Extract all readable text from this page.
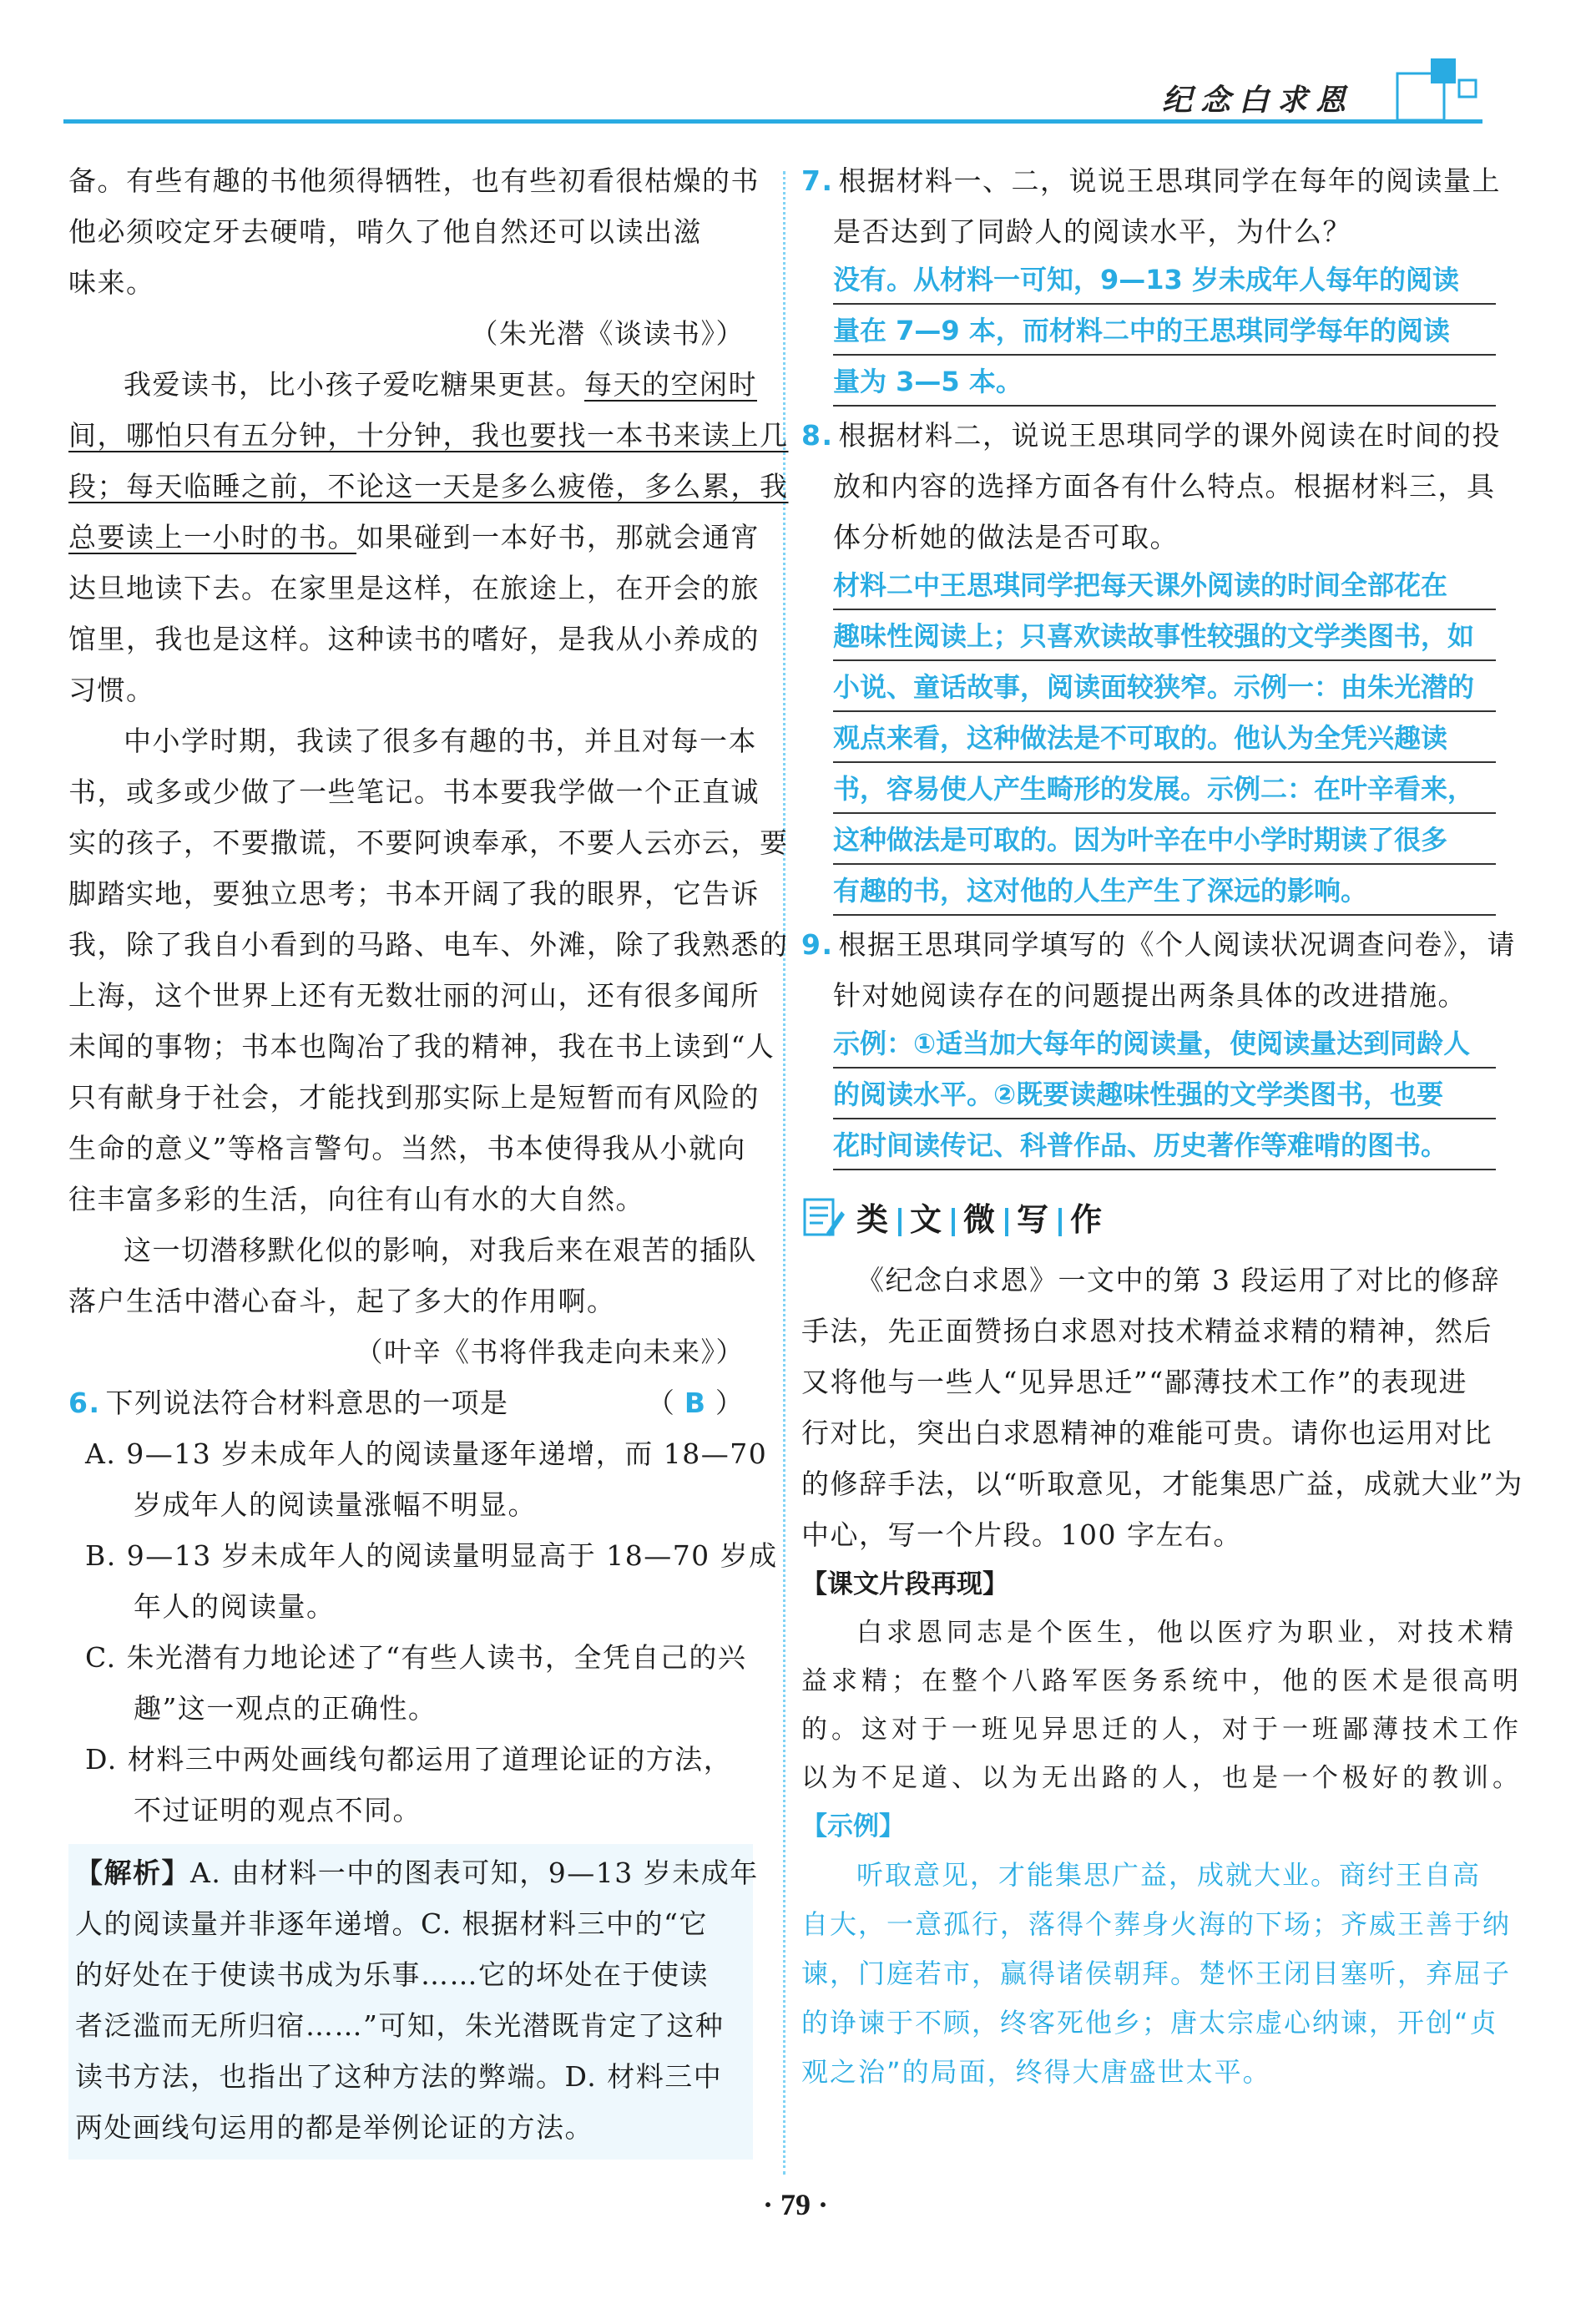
纪念白求恩
备。有些有趣的书他须得牺牲，也有些初看很枯燥的书
他必须咬定牙去硬啃，啃久了他自然还可以读出滋
味来。
（朱光潜《谈读书》）
我爱读书，比小孩子爱吃糖果更甚。每天的空闲时
间，哪怕只有五分钟，十分钟，我也要找一本书来读上几
段；每天临睡之前，不论这一天是多么疲倦，多么累，我
总要读上一小时的书。如果碰到一本好书，那就会通宵
达旦地读下去。在家里是这样，在旅途上，在开会的旅
馆里，我也是这样。这种读书的嗜好，是我从小养成的
习惯。
中小学时期，我读了很多有趣的书，并且对每一本
书，或多或少做了一些笔记。书本要我学做一个正直诚
实的孩子，不要撒谎，不要阿谀奉承，不要人云亦云，要
脚踏实地，要独立思考；书本开阔了我的眼界，它告诉
我，除了我自小看到的马路、电车、外滩，除了我熟悉的
上海，这个世界上还有无数壮丽的河山，还有很多闻所
未闻的事物；书本也陶冶了我的精神，我在书上读到“人
只有献身于社会，才能找到那实际上是短暂而有风险的
生命的意义”等格言警句。当然，书本使得我从小就向
往丰富多彩的生活，向往有山有水的大自然。
这一切潜移默化似的影响，对我后来在艰苦的插队
落户生活中潜心奋斗，起了多大的作用啊。
（叶辛《书将伴我走向未来》）
6. 下列说法符合材料意思的一项是	（B）
A. 9—13 岁未成年人的阅读量逐年递增，而 18—70
岁成年人的阅读量涨幅不明显。
B. 9—13 岁未成年人的阅读量明显高于 18—70 岁成
年人的阅读量。
C. 朱光潜有力地论述了“有些人读书，全凭自己的兴
趣”这一观点的正确性。
D. 材料三中两处画线句都运用了道理论证的方法，
不过证明的观点不同。
【解析】A. 由材料一中的图表可知，9—13 岁未成年
人的阅读量并非逐年递增。C. 根据材料三中的“它
的好处在于使读书成为乐事……它的坏处在于使读
者泛滥而无所归宿……”可知，朱光潜既肯定了这种
读书方法，也指出了这种方法的弊端。D. 材料三中
两处画线句运用的都是举例论证的方法。
7. 根据材料一、二，说说王思琪同学在每年的阅读量上
是否达到了同龄人的阅读水平，为什么？
没有。从材料一可知，9—13 岁未成年人每年的阅读 量在 7—9 本，而材料二中的王思琪同学每年的阅读 量为 3—5 本。
8. 根据材料二，说说王思琪同学的课外阅读在时间的投
放和内容的选择方面各有什么特点。根据材料三，具
体分析她的做法是否可取。
材料二中王思琪同学把每天课外阅读的时间全部花在 趣味性阅读上；只喜欢读故事性较强的文学类图书，如 小说、童话故事，阅读面较狭窄。示例一：由朱光潜的 观点来看，这种做法是不可取的。他认为全凭兴趣读 书，容易使人产生畸形的发展。示例二：在叶辛看来， 这种做法是可取的。因为叶辛在中小学时期读了很多 有趣的书，这对他的人生产生了深远的影响。
9. 根据王思琪同学填写的《个人阅读状况调查问卷》，请
针对她阅读存在的问题提出两条具体的改进措施。
示例：①适当加大每年的阅读量，使阅读量达到同龄人 的阅读水平。②既要读趣味性强的文学类图书，也要 花时间读传记、科普作品、历史著作等难啃的图书。
类 文 微 写 作
《纪念白求恩》一文中的第 3 段运用了对比的修辞
手法，先正面赞扬白求恩对技术精益求精的精神，然后
又将他与一些人“见异思迁”“鄙薄技术工作”的表现进
行对比，突出白求恩精神的难能可贵。请你也运用对比
的修辞手法，以“听取意见，才能集思广益，成就大业”为
中心，写一个片段。100 字左右。
【课文片段再现】
白求恩同志是个医生，他以医疗为职业，对技术精
益求精；在整个八路军医务系统中，他的医术是很高明
的。这对于一班见异思迁的人，对于一班鄙薄技术工作
以为不足道、以为无出路的人，也是一个极好的教训。
【示例】
听取意见，才能集思广益，成就大业。商纣王自高
自大，一意孤行，落得个葬身火海的下场；齐威王善于纳
谏，门庭若市，赢得诸侯朝拜。楚怀王闭目塞听，弃屈子
的诤谏于不顾，终客死他乡；唐太宗虚心纳谏，开创“贞
观之治”的局面，终得大唐盛世太平。
· 79 ·
